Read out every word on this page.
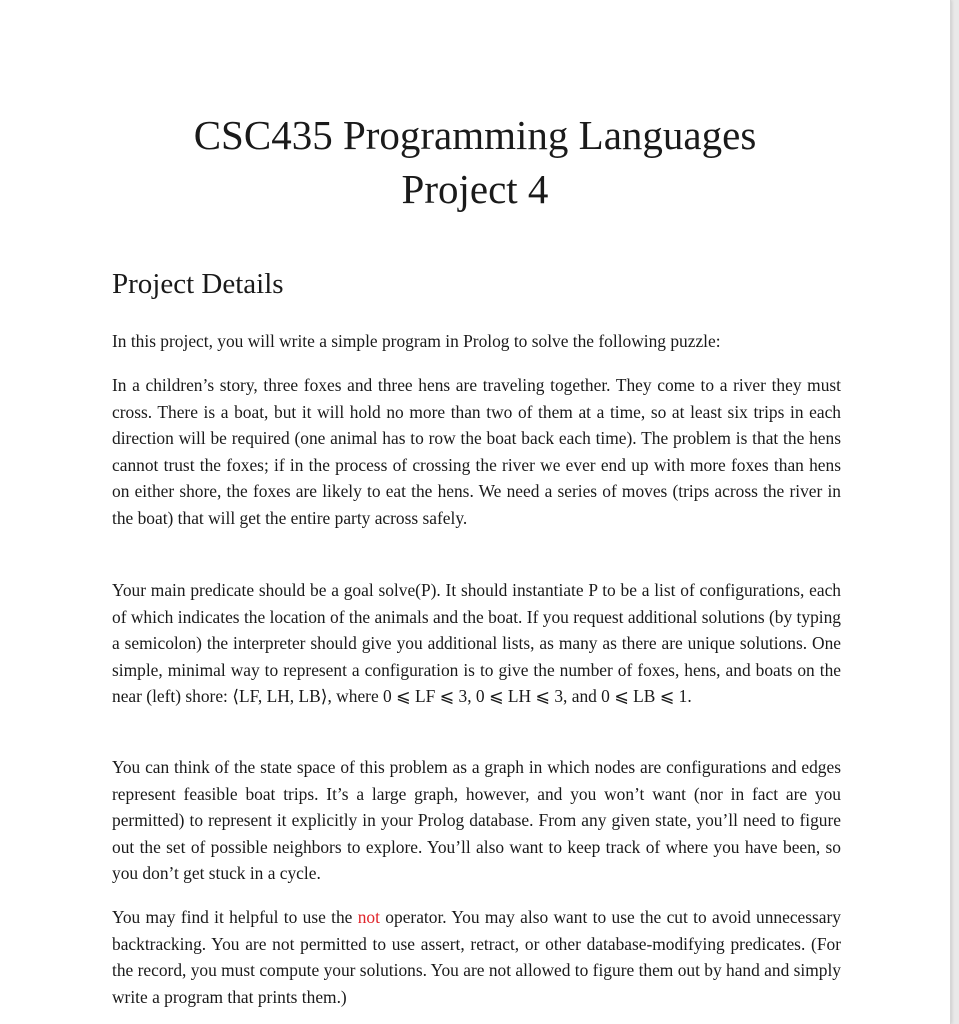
CSC435 Programming Languages
Project 4
Project Details

In this project, you will write a simple program in Prolog to solve the following puzzle:

In a children’s story, three foxes and three hens are traveling together. They come to a river they must cross. There is a boat, but it will hold no more than two of them at a time, so at least six trips in each direction will be required (one animal has to row the boat back each time). The problem is that the hens cannot trust the foxes; if in the process of crossing the river we ever end up with more foxes than hens on either shore, the foxes are likely to eat the hens. We need a series of moves (trips across the river in the boat) that will get the entire party across safely.

Your main predicate should be a goal solve(P). It should instantiate P to be a list of configurations, each of which indicates the location of the animals and the boat. If you request additional solutions (by typing a semicolon) the interpreter should give you additional lists, as many as there are unique solutions. One simple, minimal way to represent a configuration is to give the number of foxes, hens, and boats on the near (left) shore: ⟨LF, LH, LB⟩, where 0 ⩽ LF ⩽ 3, 0 ⩽ LH ⩽ 3, and 0 ⩽ LB ⩽ 1.

You can think of the state space of this problem as a graph in which nodes are configurations and edges represent feasible boat trips. It’s a large graph, however, and you won’t want (nor in fact are you permitted) to represent it explicitly in your Prolog database. From any given state, you’ll need to figure out the set of possible neighbors to explore. You’ll also want to keep track of where you have been, so you don’t get stuck in a cycle.

You may find it helpful to use the not operator. You may also want to use the cut to avoid unnecessary backtracking. You are not permitted to use assert, retract, or other database-modifying predicates. (For the record, you must compute your solutions. You are not allowed to figure them out by hand and simply write a program that prints them.)
